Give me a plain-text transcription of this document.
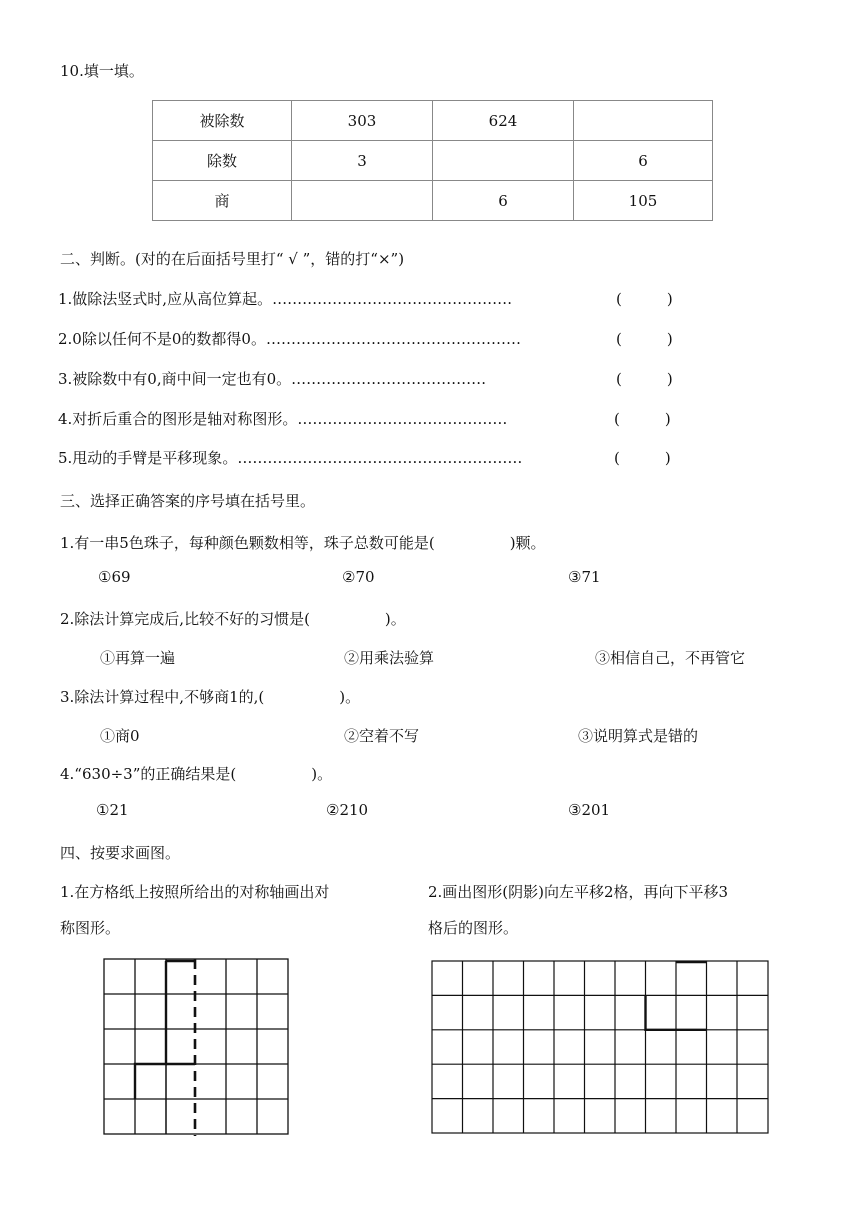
10.填一填。
被除数	303	624	
除数	3		6
商		6	105
二、判断。(对的在后面括号里打“ √ ”，错的打“×”)
1.做除法竖式时,应从高位算起。…………………………………………	(　　　)
2.0除以任何不是0的数都得0。……………………………………………	(　　　)
3.被除数中有0,商中间一定也有0。…………………………………	(　　　)
4.对折后重合的图形是轴对称图形。……………………………………	(　　　)
5.甩动的手臂是平移现象。…………………………………………………	(　　　)
三、选择正确答案的序号填在括号里。
1.有一串5色珠子，每种颜色颗数相等，珠子总数可能是(　　　　　)颗。
①69	②70	③71
2.除法计算完成后,比较不好的习惯是(　　　　　)。
①再算一遍	②用乘法验算	③相信自己，不再管它
3.除法计算过程中,不够商1的,(　　　　　)。
①商0	②空着不写	③说明算式是错的
4.“630÷3”的正确结果是(　　　　　)。
①21	②210	③201
四、按要求画图。
1.在方格纸上按照所给出的对称轴画出对
称图形。
2.画出图形(阴影)向左平移2格，再向下平移3
格后的图形。
